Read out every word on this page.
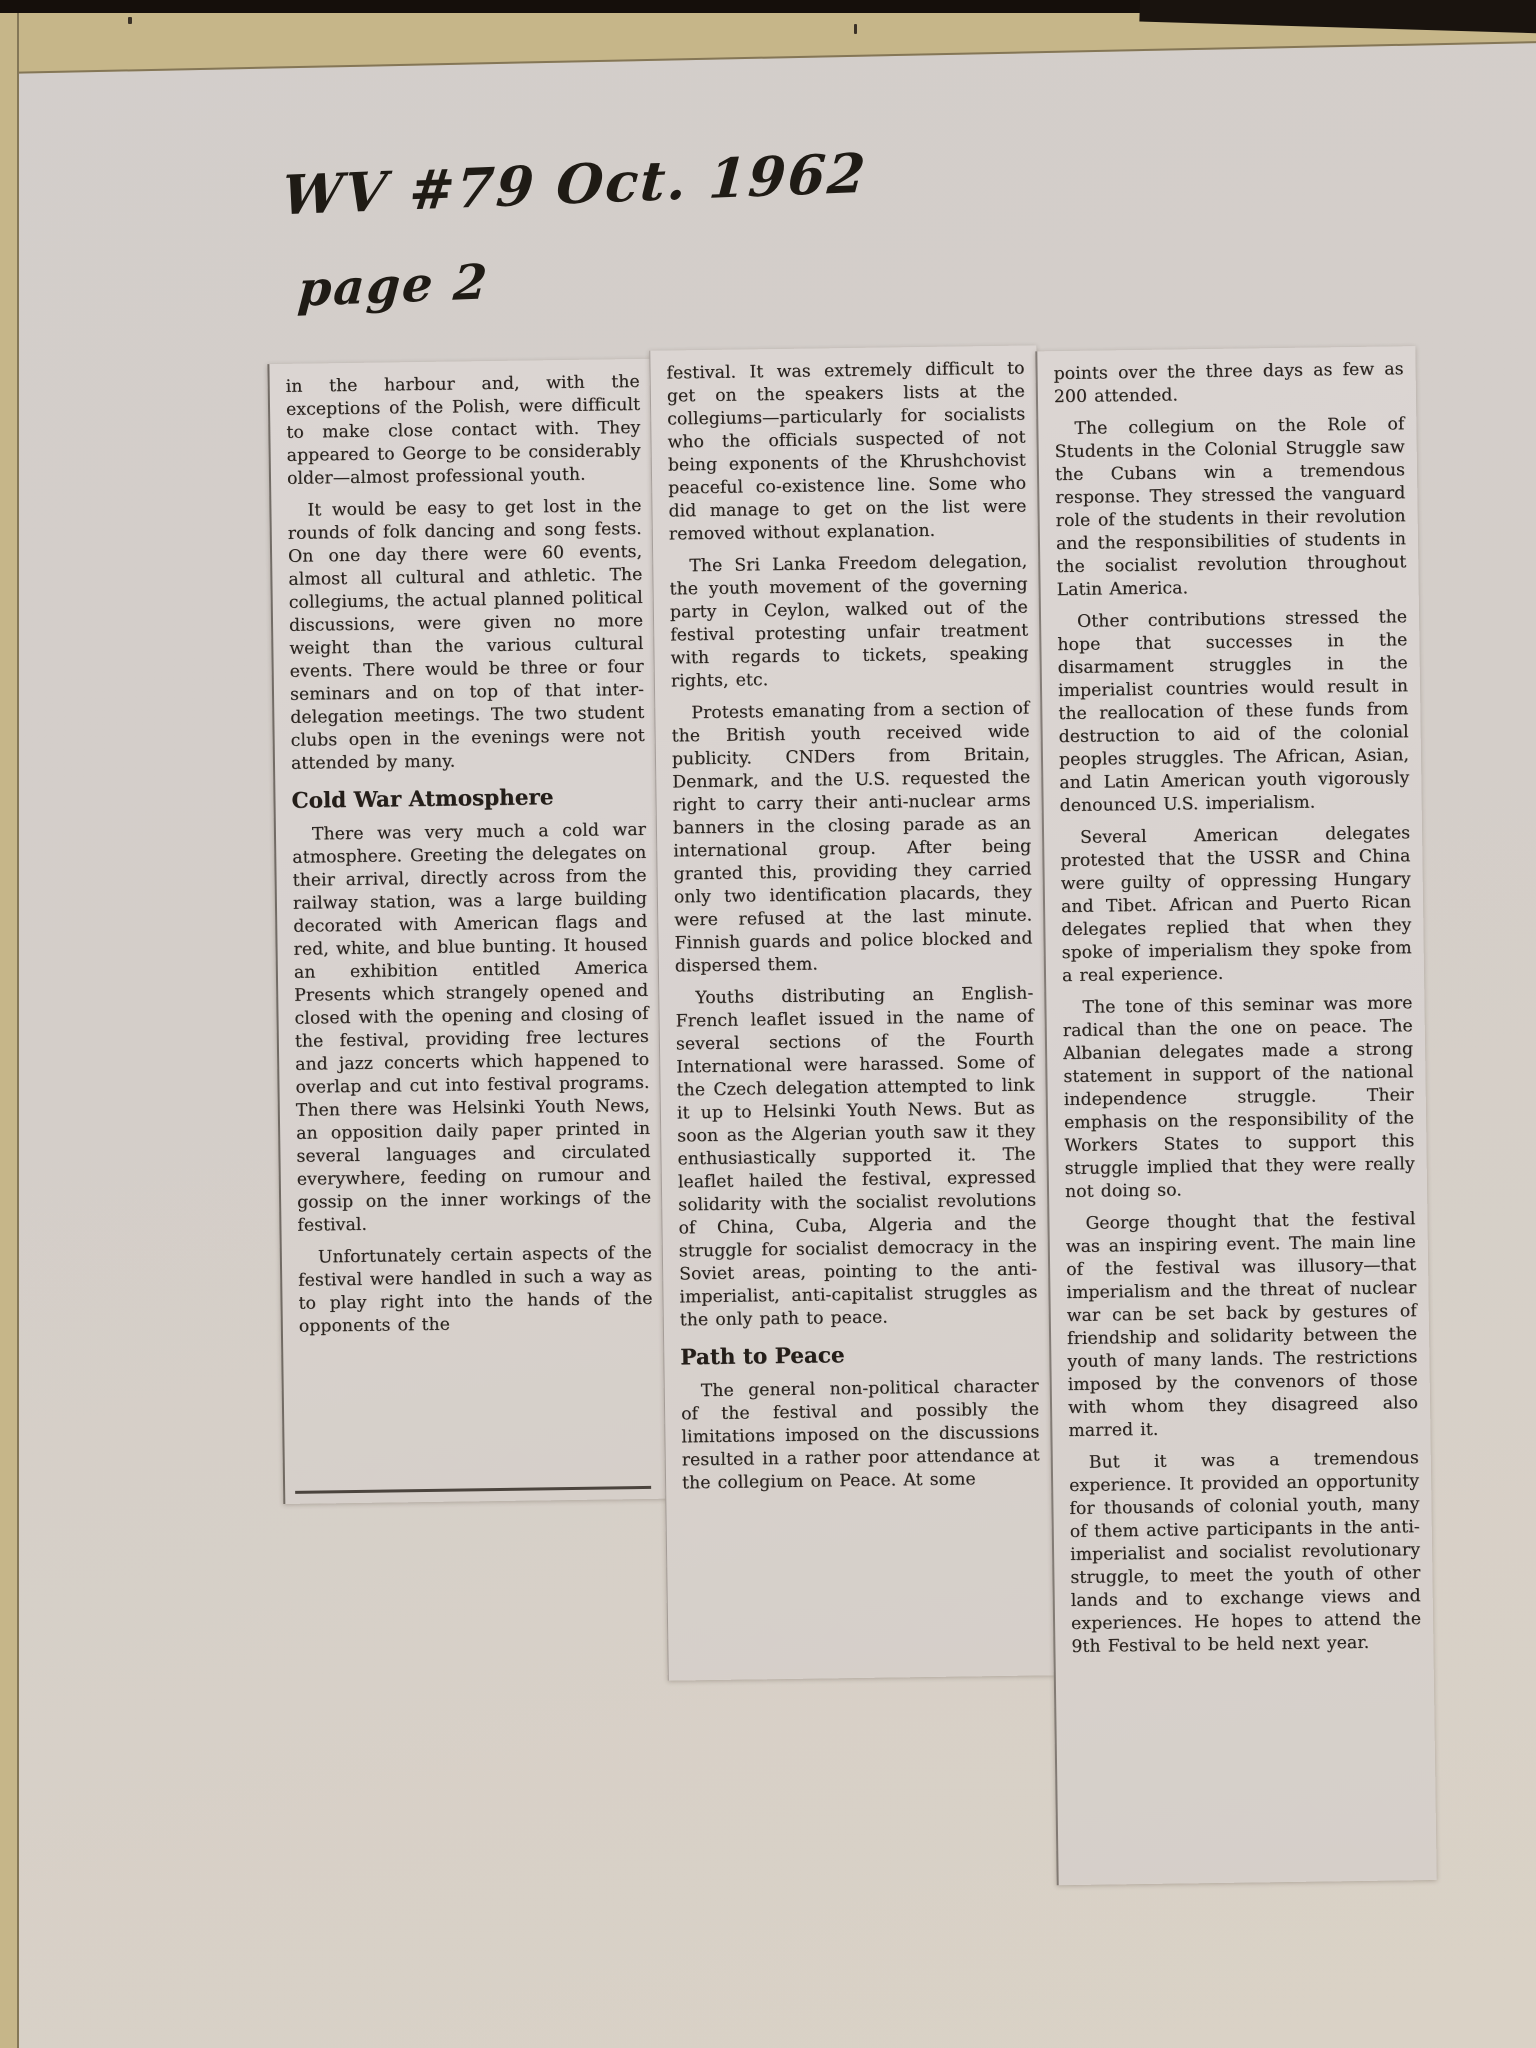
WV #79 Oct. 1962
page 2

in the harbour and, with the exceptions of the Polish, were difficult to make close contact with. They appeared to George to be considerably older—almost professional youth.

It would be easy to get lost in the rounds of folk dancing and song fests. On one day there were 60 events, almost all cultural and athletic. The collegiums, the actual planned political discussions, were given no more weight than the various cultural events. There would be three or four seminars and on top of that inter-delegation meetings. The two student clubs open in the evenings were not attended by many.

Cold War Atmosphere

There was very much a cold war atmosphere. Greeting the delegates on their arrival, directly across from the railway station, was a large building decorated with American flags and red, white, and blue bunting. It housed an exhibition entitled America Presents which strangely opened and closed with the opening and closing of the festival, providing free lectures and jazz concerts which happened to overlap and cut into festival programs. Then there was Helsinki Youth News, an opposition daily paper printed in several languages and circulated everywhere, feeding on rumour and gossip on the inner workings of the festival.

Unfortunately certain aspects of the festival were handled in such a way as to play right into the hands of the opponents of the

festival. It was extremely difficult to get on the speakers lists at the collegiums—particularly for socialists who the officials suspected of not being exponents of the Khrushchovist peaceful co-existence line. Some who did manage to get on the list were removed without explanation.

The Sri Lanka Freedom delegation, the youth movement of the governing party in Ceylon, walked out of the festival protesting unfair treatment with regards to tickets, speaking rights, etc.

Protests emanating from a section of the British youth received wide publicity. CNDers from Britain, Denmark, and the U.S. requested the right to carry their anti-nuclear arms banners in the closing parade as an international group. After being granted this, providing they carried only two identification placards, they were refused at the last minute. Finnish guards and police blocked and dispersed them.

Youths distributing an English-French leaflet issued in the name of several sections of the Fourth International were harassed. Some of the Czech delegation attempted to link it up to Helsinki Youth News. But as soon as the Algerian youth saw it they enthusiastically supported it. The leaflet hailed the festival, expressed solidarity with the socialist revolutions of China, Cuba, Algeria and the struggle for socialist democracy in the Soviet areas, pointing to the anti-imperialist, anti-capitalist struggles as the only path to peace.

Path to Peace

The general non-political character of the festival and possibly the limitations imposed on the discussions resulted in a rather poor attendance at the collegium on Peace. At some

points over the three days as few as 200 attended.

The collegium on the Role of Students in the Colonial Struggle saw the Cubans win a tremendous response. They stressed the vanguard role of the students in their revolution and the responsibilities of students in the socialist revolution throughout Latin America.

Other contributions stressed the hope that successes in the disarmament struggles in the imperialist countries would result in the reallocation of these funds from destruction to aid of the colonial peoples struggles. The African, Asian, and Latin American youth vigorously denounced U.S. imperialism.

Several American delegates protested that the USSR and China were guilty of oppressing Hungary and Tibet. African and Puerto Rican delegates replied that when they spoke of imperialism they spoke from a real experience.

The tone of this seminar was more radical than the one on peace. The Albanian delegates made a strong statement in support of the national independence struggle. Their emphasis on the responsibility of the Workers States to support this struggle implied that they were really not doing so.

George thought that the festival was an inspiring event. The main line of the festival was illusory—that imperialism and the threat of nuclear war can be set back by gestures of friendship and solidarity between the youth of many lands. The restrictions imposed by the convenors of those with whom they disagreed also marred it.

But it was a tremendous experience. It provided an opportunity for thousands of colonial youth, many of them active participants in the anti-imperialist and socialist revolutionary struggle, to meet the youth of other lands and to exchange views and experiences. He hopes to attend the 9th Festival to be held next year.
